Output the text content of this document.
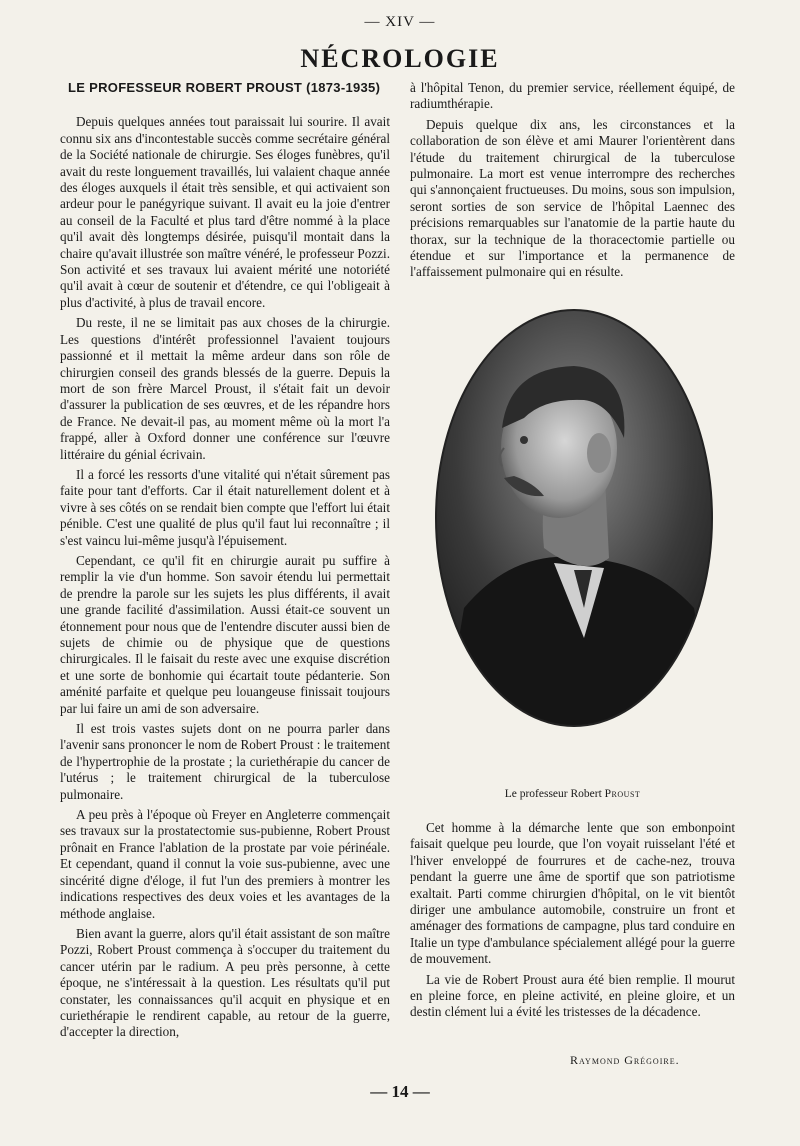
— XIV —
NÉCROLOGIE
LE PROFESSEUR ROBERT PROUST (1873-1935)

Depuis quelques années tout paraissait lui sourire. Il avait connu six ans d'incontestable succès comme secrétaire général de la Société nationale de chirurgie. Ses éloges funèbres, qu'il avait du reste longuement travaillés, lui valaient chaque année des éloges auxquels il était très sensible, et qui activaient son ardeur pour le panégyrique suivant. Il avait eu la joie d'entrer au conseil de la Faculté et plus tard d'être nommé à la place qu'il avait dès longtemps désirée, puisqu'il montait dans la chaire qu'avait illustrée son maître vénéré, le professeur Pozzi. Son activité et ses travaux lui avaient mérité une notoriété qu'il avait à cœur de soutenir et d'étendre, ce qui l'obligeait à plus d'activité, à plus de travail encore.

Du reste, il ne se limitait pas aux choses de la chirurgie. Les questions d'intérêt professionnel l'avaient toujours passionné et il mettait la même ardeur dans son rôle de chirurgien conseil des grands blessés de la guerre. Depuis la mort de son frère Marcel Proust, il s'était fait un devoir d'assurer la publication de ses œuvres, et de les répandre hors de France. Ne devait-il pas, au moment même où la mort l'a frappé, aller à Oxford donner une conférence sur l'œuvre littéraire du génial écrivain.

Il a forcé les ressorts d'une vitalité qui n'était sûrement pas faite pour tant d'efforts. Car il était naturellement dolent et à vivre à ses côtés on se rendait bien compte que l'effort lui était pénible. C'est une qualité de plus qu'il faut lui reconnaître ; il s'est vaincu lui-même jusqu'à l'épuisement.

Cependant, ce qu'il fit en chirurgie aurait pu suffire à remplir la vie d'un homme. Son savoir étendu lui permettait de prendre la parole sur les sujets les plus différents, il avait une grande facilité d'assimilation. Aussi était-ce souvent un étonnement pour nous que de l'entendre discuter aussi bien de sujets de chimie ou de physique que de questions chirurgicales. Il le faisait du reste avec une exquise discrétion et une sorte de bonhomie qui écartait toute pédanterie. Son aménité parfaite et quelque peu louangeuse finissait toujours par lui faire un ami de son adversaire.

Il est trois vastes sujets dont on ne pourra parler dans l'avenir sans prononcer le nom de Robert Proust : le traitement de l'hypertrophie de la prostate ; la curiethérapie du cancer de l'utérus ; le traitement chirurgical de la tuberculose pulmonaire.

A peu près à l'époque où Freyer en Angleterre commençait ses travaux sur la prostatectomie sus-pubienne, Robert Proust prônait en France l'ablation de la prostate par voie périnéale. Et cependant, quand il connut la voie sus-pubienne, avec une sincérité digne d'éloge, il fut l'un des premiers à montrer les indications respectives des deux voies et les avantages de la méthode anglaise.

Bien avant la guerre, alors qu'il était assistant de son maître Pozzi, Robert Proust commença à s'occuper du traitement du cancer utérin par le radium. A peu près personne, à cette époque, ne s'intéressait à la question. Les résultats qu'il put constater, les connaissances qu'il acquit en physique et en curiethérapie le rendirent capable, au retour de la guerre, d'accepter la direction,

à l'hôpital Tenon, du premier service, réellement équipé, de radiumthérapie.

Depuis quelque dix ans, les circonstances et la collaboration de son élève et ami Maurer l'orientèrent dans l'étude du traitement chirurgical de la tuberculose pulmonaire. La mort est venue interrompre des recherches qui s'annonçaient fructueuses. Du moins, sous son impulsion, seront sorties de son service de l'hôpital Laennec des précisions remarquables sur l'anatomie de la partie haute du thorax, sur la technique de la thoracectomie partielle ou étendue et sur l'importance et la permanence de l'affaissement pulmonaire qui en résulte.

Le professeur Robert Proust

Cet homme à la démarche lente que son embonpoint faisait quelque peu lourde, que l'on voyait ruisselant l'été et l'hiver enveloppé de fourrures et de cache-nez, trouva pendant la guerre une âme de sportif que son patriotisme exaltait. Parti comme chirurgien d'hôpital, on le vit bientôt diriger une ambulance automobile, construire un front et aménager des formations de campagne, plus tard conduire en Italie un type d'ambulance spécialement allégé pour la guerre de mouvement.

La vie de Robert Proust aura été bien remplie. Il mourut en pleine force, en pleine activité, en pleine gloire, et un destin clément lui a évité les tristesses de la décadence.

Raymond Grégoire.
— 14 —
